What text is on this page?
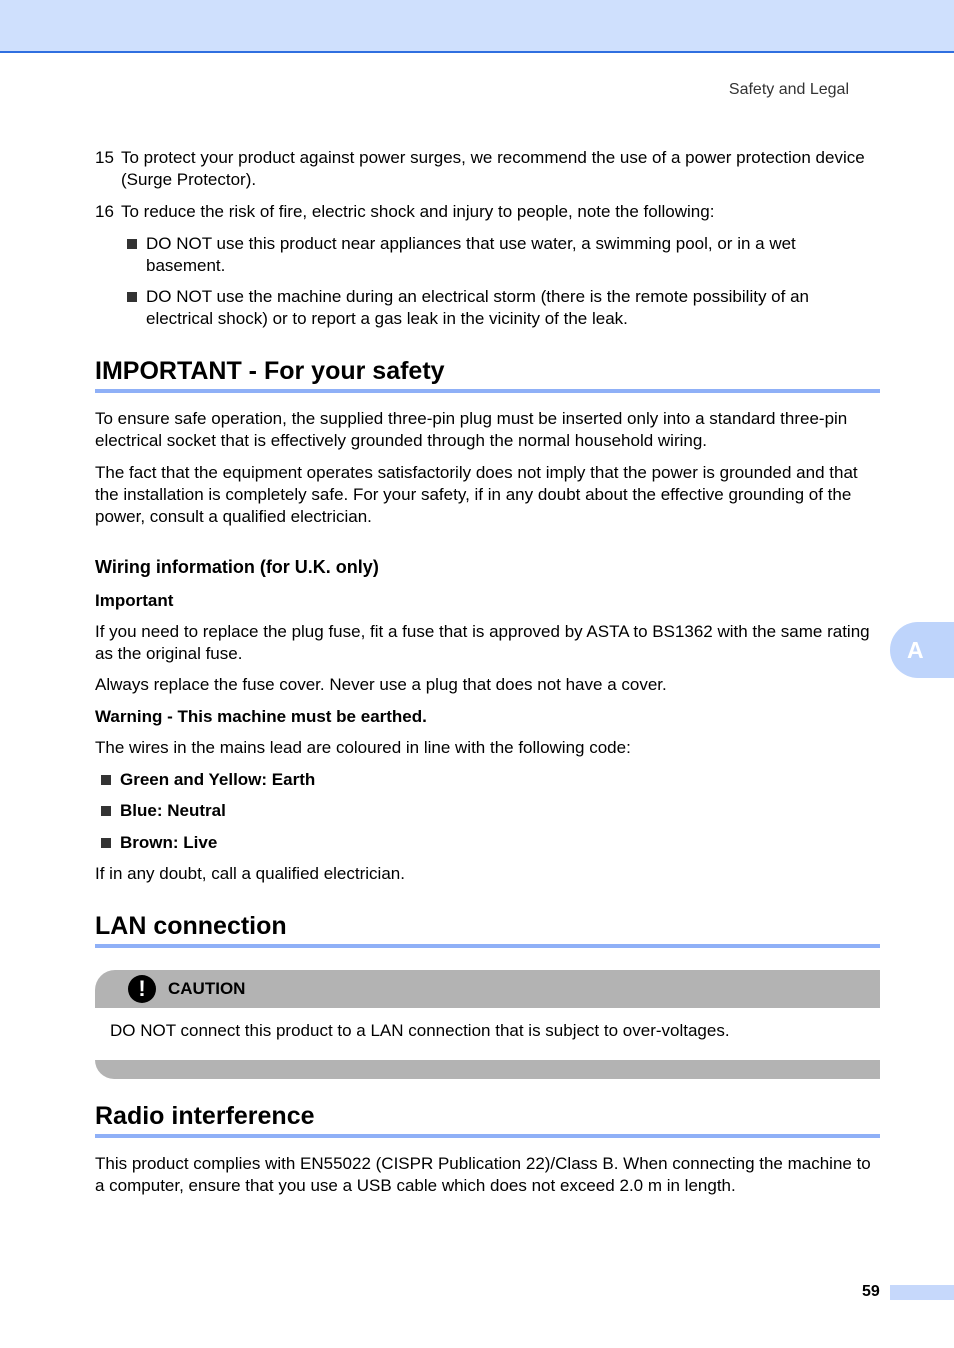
Safety and Legal
15 To protect your product against power surges, we recommend the use of a power protection device (Surge Protector).
16 To reduce the risk of fire, electric shock and injury to people, note the following:
DO NOT use this product near appliances that use water, a swimming pool, or in a wet basement.
DO NOT use the machine during an electrical storm (there is the remote possibility of an electrical shock) or to report a gas leak in the vicinity of the leak.
IMPORTANT - For your safety

To ensure safe operation, the supplied three-pin plug must be inserted only into a standard three-pin electrical socket that is effectively grounded through the normal household wiring.

The fact that the equipment operates satisfactorily does not imply that the power is grounded and that the installation is completely safe. For your safety, if in any doubt about the effective grounding of the power, consult a qualified electrician.

Wiring information (for U.K. only)

Important

If you need to replace the plug fuse, fit a fuse that is approved by ASTA to BS1362 with the same rating as the original fuse.

Always replace the fuse cover. Never use a plug that does not have a cover.

Warning - This machine must be earthed.

The wires in the mains lead are coloured in line with the following code:

Green and Yellow: Earth
Blue: Neutral
Brown: Live

If in any doubt, call a qualified electrician.

LAN connection
!	CAUTION

DO NOT connect this product to a LAN connection that is subject to over-voltages.

Radio interference

This product complies with EN55022 (CISPR Publication 22)/Class B. When connecting the machine to a computer, ensure that you use a USB cable which does not exceed 2.0 m in length.

A
59
